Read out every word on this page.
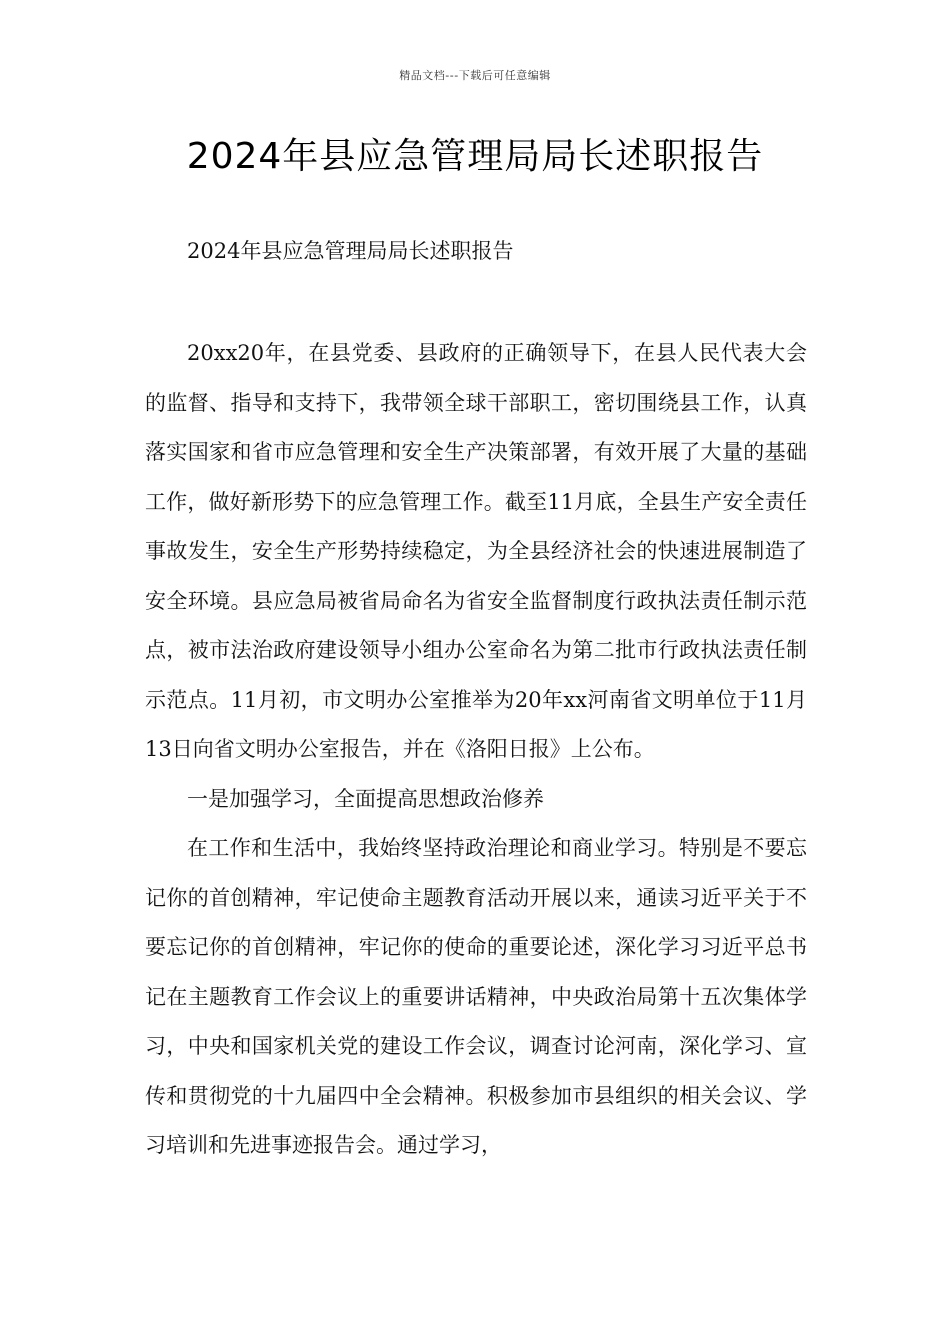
精品文档---下载后可任意编辑
2024年县应急管理局局长述职报告

2024年县应急管理局局长述职报告

20xx20年，在县党委、县政府的正确领导下，在县人民代表大会的监督、指导和支持下，我带领全球干部职工，密切围绕县工作，认真落实国家和省市应急管理和安全生产决策部署，有效开展了大量的基础工作，做好新形势下的应急管理工作。截至11月底，全县生产安全责任事故发生，安全生产形势持续稳定，为全县经济社会的快速进展制造了安全环境。县应急局被省局命名为省安全监督制度行政执法责任制示范点，被市法治政府建设领导小组办公室命名为第二批市行政执法责任制示范点。11月初，市文明办公室推举为20年xx河南省文明单位于11月13日向省文明办公室报告，并在《洛阳日报》上公布。

一是加强学习，全面提高思想政治修养

在工作和生活中，我始终坚持政治理论和商业学习。特别是不要忘记你的首创精神，牢记使命主题教育活动开展以来，通读习近平关于不要忘记你的首创精神，牢记你的使命的重要论述，深化学习习近平总书记在主题教育工作会议上的重要讲话精神，中央政治局第十五次集体学习，中央和国家机关党的建设工作会议，调查讨论河南，深化学习、宣传和贯彻党的十九届四中全会精神。积极参加市县组织的相关会议、学习培训和先进事迹报告会。通过学习，
